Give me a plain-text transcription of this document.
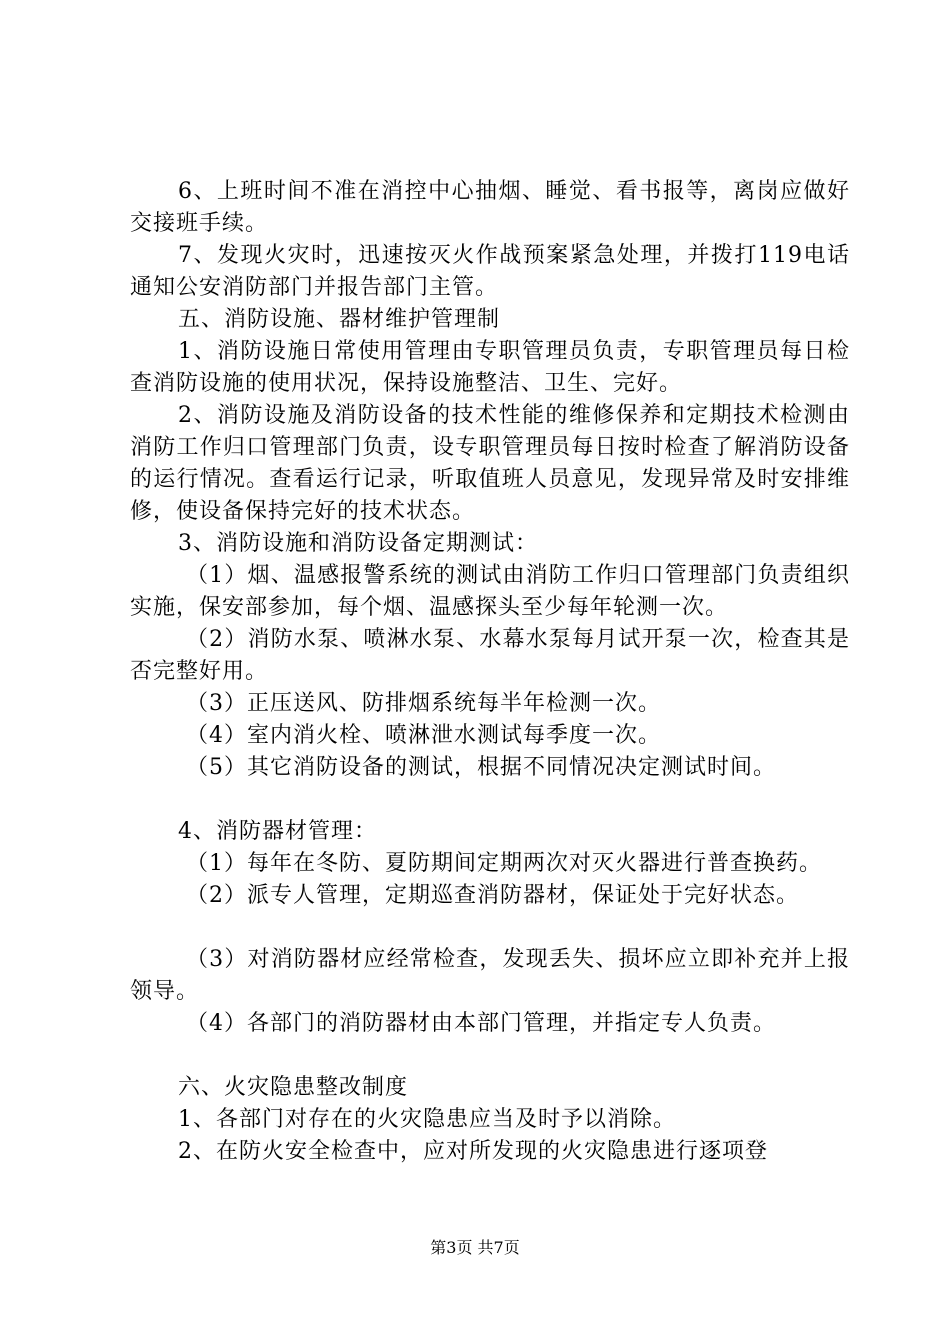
6、上班时间不准在消控中心抽烟、睡觉、看书报等，离岗应做好交接班手续。

7、发现火灾时，迅速按灭火作战预案紧急处理，并拨打119电话通知公安消防部门并报告部门主管。

五、消防设施、器材维护管理制

1、消防设施日常使用管理由专职管理员负责，专职管理员每日检查消防设施的使用状况，保持设施整洁、卫生、完好。

2、消防设施及消防设备的技术性能的维修保养和定期技术检测由消防工作归口管理部门负责，设专职管理员每日按时检查了解消防设备的运行情况。查看运行记录，听取值班人员意见，发现异常及时安排维修，使设备保持完好的技术状态。

3、消防设施和消防设备定期测试：

（1）烟、温感报警系统的测试由消防工作归口管理部门负责组织实施，保安部参加，每个烟、温感探头至少每年轮测一次。

（2）消防水泵、喷淋水泵、水幕水泵每月试开泵一次，检查其是否完整好用。

（3）正压送风、防排烟系统每半年检测一次。

（4）室内消火栓、喷淋泄水测试每季度一次。

（5）其它消防设备的测试，根据不同情况决定测试时间。

4、消防器材管理：

（1）每年在冬防、夏防期间定期两次对灭火器进行普查换药。

（2）派专人管理，定期巡查消防器材，保证处于完好状态。

（3）对消防器材应经常检查，发现丢失、损坏应立即补充并上报领导。

（4）各部门的消防器材由本部门管理，并指定专人负责。

六、火灾隐患整改制度

1、各部门对存在的火灾隐患应当及时予以消除。

2、在防火安全检查中，应对所发现的火灾隐患进行逐项登

第3页 共7页
